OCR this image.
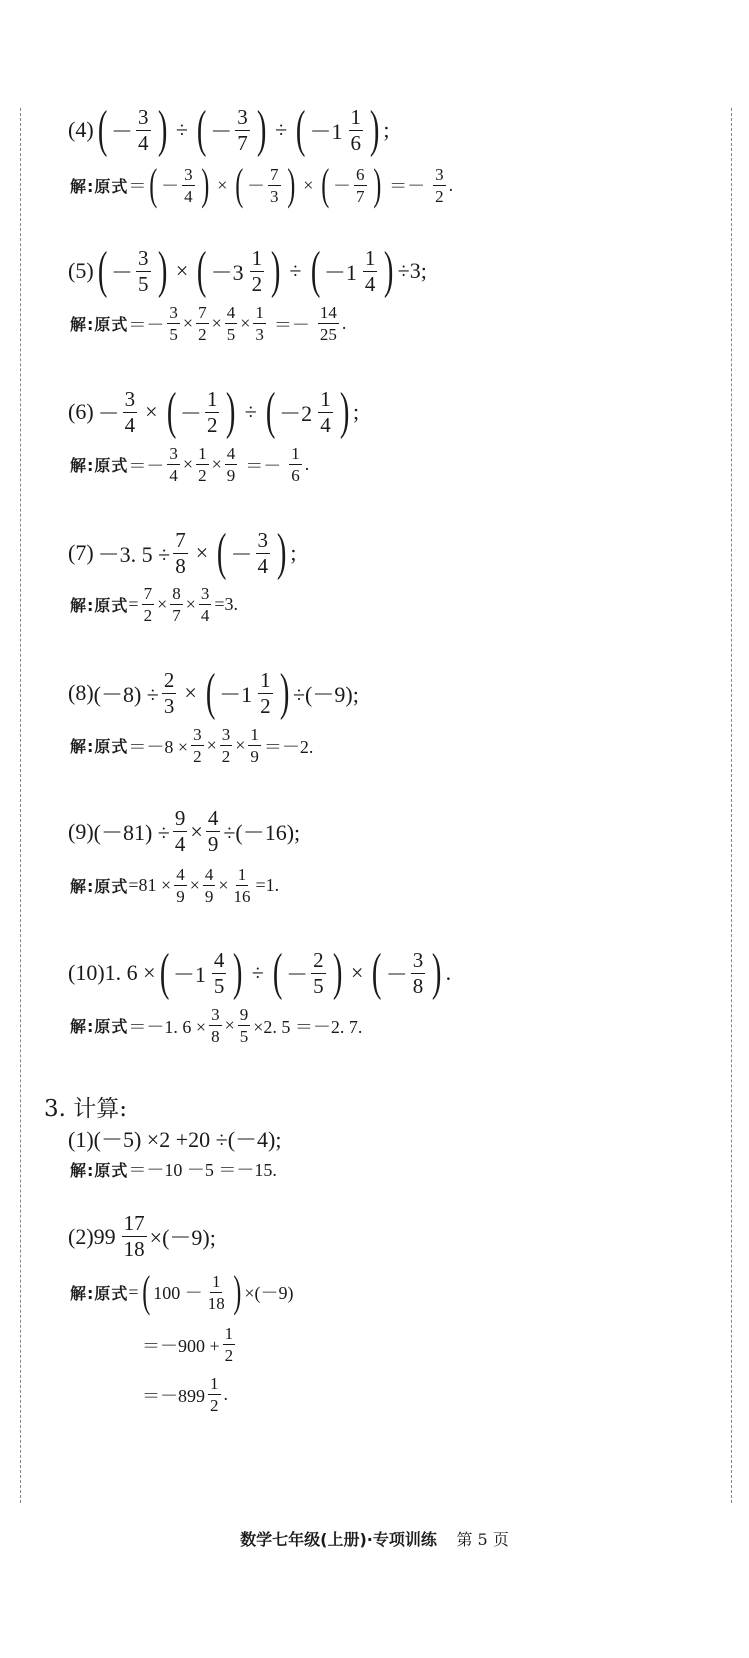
(4) ( － $\frac{3}{4}$ ) ÷ ( － $\frac{3}{7}$ ) ÷ ( $-1 \frac{1}{6}$ ) ;
解:原式 ＝ ( － $\frac{3}{4}$ ) × ( － $\frac{7}{3}$ ) × ( － $\frac{6}{7}$ ) ＝－ $\frac{3}{2}$ .
(5) ( － $\frac{3}{5}$ ) × ( $-3 \frac{1}{2}$ ) ÷ ( $-1 \frac{1}{4}$ ) ÷3;
解:原式 ＝－ $\frac{3}{5} \times \frac{7}{2} \times \frac{4}{5} \times \frac{1}{3} =- \frac{14}{25}$ .
$(6) - \frac{3}{4}$ × ( － $\frac{1}{2}$ ) ÷ ( $-2 \frac{1}{4}$ ) ;
解:原式 ＝－ $\frac{3}{4} \times \frac{1}{2} \times \frac{4}{9} =- \frac{1}{6}$ .
(7) －3. $5 \div \frac{7}{8}$ × ( － $\frac{3}{4}$ ) ;
解:原式 = $\frac{7}{2} \times \frac{8}{7} \times \frac{3}{4} =3$.
(8) $(-8) \div \frac{2}{3}$ × ( $-1 \frac{1}{2}$ ) ÷(－9);
解:原式 $=-8 \times \frac{3}{2} \times \frac{3}{2} \times \frac{1}{9} =-2$.
(9) $(-81) \div \frac{9}{4} \times \frac{4}{9} \div(-16)$;
解:原式 $=81 \times \frac{4}{9} \times \frac{4}{9} \times \frac{1}{16} =1$.
(10) 1. 6 × ( $-1 \frac{4}{5}$ ) ÷ ( － $\frac{2}{5}$ ) × ( － $\frac{3}{8}$ ) .
解:原式 ＝－1. $6 \times \frac{3}{8} \times \frac{9}{5} \times 2$. 5 ＝－2. 7.
3. 计算:
(1)(－5) ×2 +20 ÷(－4);
解:原式 ＝－10 －5 ＝－15.
(2) $99 \frac{17}{18} \times(-9)$;
解:原式 = ( $100 - \frac{1}{18}$ ) ×(－9)
$=-900 + \frac{1}{2}$
$=-899 \frac{1}{2}$ .
数学七年级(上册)·专项训练 第 5 页
